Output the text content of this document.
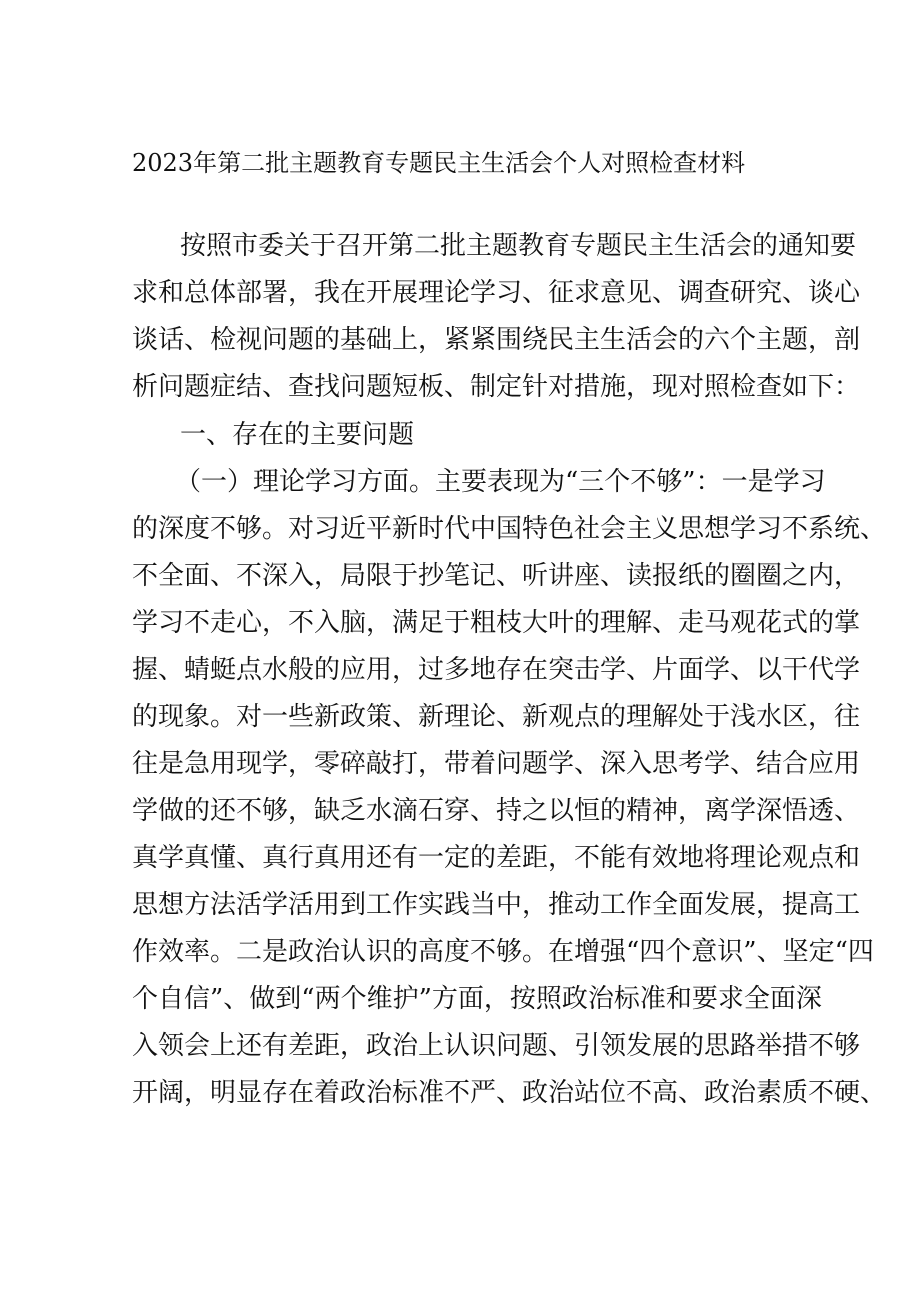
2023年第二批主题教育专题民主生活会个人对照检查材料
按照市委关于召开第二批主题教育专题民主生活会的通知要
求和总体部署，我在开展理论学习、征求意见、调查研究、谈心
谈话、检视问题的基础上，紧紧围绕民主生活会的六个主题，剖
析问题症结、查找问题短板、制定针对措施，现对照检查如下：
一、存在的主要问题
（一）理论学习方面。主要表现为“三个不够”：一是学习
的深度不够。对习近平新时代中国特色社会主义思想学习不系统、
不全面、不深入，局限于抄笔记、听讲座、读报纸的圈圈之内，
学习不走心，不入脑，满足于粗枝大叶的理解、走马观花式的掌
握、蜻蜓点水般的应用，过多地存在突击学、片面学、以干代学
的现象。对一些新政策、新理论、新观点的理解处于浅水区，往
往是急用现学，零碎敲打，带着问题学、深入思考学、结合应用
学做的还不够，缺乏水滴石穿、持之以恒的精神，离学深悟透、
真学真懂、真行真用还有一定的差距，不能有效地将理论观点和
思想方法活学活用到工作实践当中，推动工作全面发展，提高工
作效率。二是政治认识的高度不够。在增强“四个意识”、坚定“四
个自信”、做到“两个维护”方面，按照政治标准和要求全面深
入领会上还有差距，政治上认识问题、引领发展的思路举措不够
开阔，明显存在着政治标准不严、政治站位不高、政治素质不硬、
